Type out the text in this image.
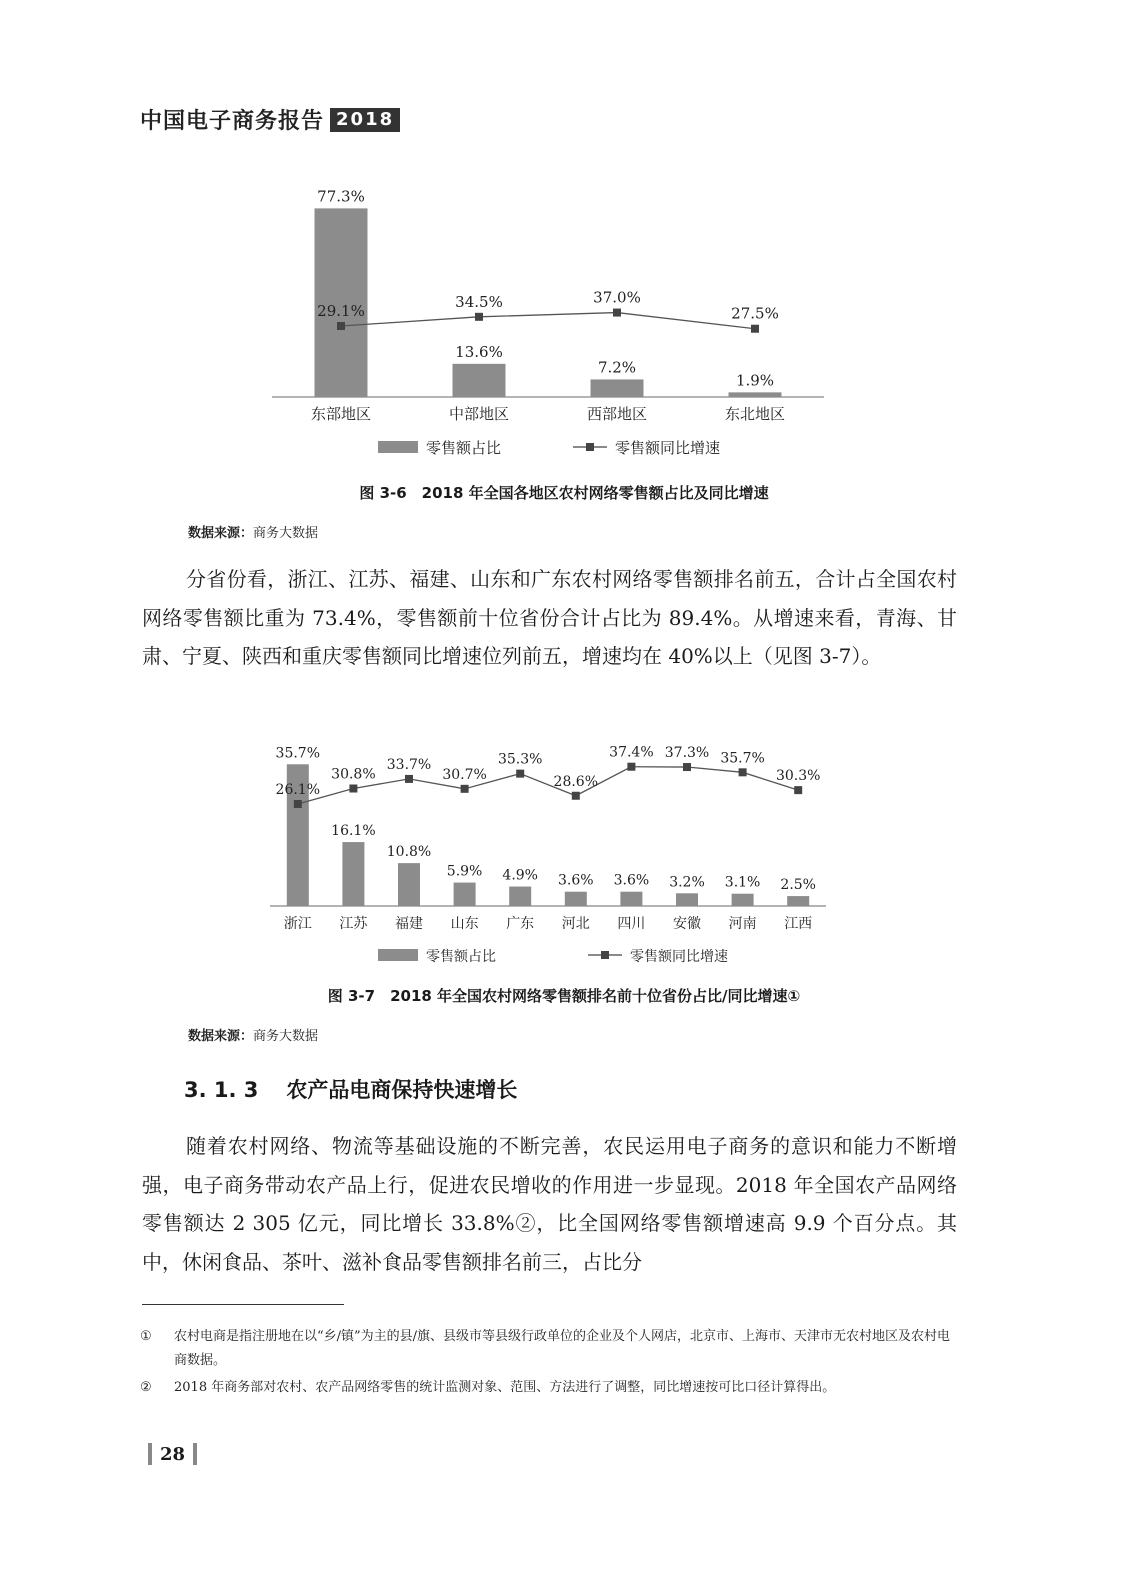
中国电子商务报告 2018
77.3%
13.6%
7.2%
1.9%
29.1%
34.5%	37.0%
27.5%
东部地区	中部地区	西部地区	东北地区
零售额占比	零售额同比增速
图 3-6　2018 年全国各地区农村网络零售额占比及同比增速
数据来源：商务大数据
分省份看，浙江、江苏、福建、山东和广东农村网络零售额排名前五，合计占全国农村网络零售额比重为 73.4%，零售额前十位省份合计占比为 89.4%。从增速来看，青海、甘肃、宁夏、陕西和重庆零售额同比增速位列前五，增速均在 40%以上（见图 3-7）。
35.7%
16.1%
10.8%
5.9% 4.9% 3.6% 3.6% 3.2% 3.1% 2.5%
26.1%
30.8%
33.7%
30.7%
35.3%
28.6%
37.4% 37.3% 35.7%
30.3%
浙江 江苏 福建 山东 广东 河北 四川 安徽 河南 江西
零售额占比	零售额同比增速
图 3-7　2018 年全国农村网络零售额排名前十位省份占比/同比增速①
数据来源：商务大数据
3. 1. 3 农产品电商保持快速增长
随着农村网络、物流等基础设施的不断完善，农民运用电子商务的意识和能力不断增强，电子商务带动农产品上行，促进农民增收的作用进一步显现。2018 年全国农产品网络零售额达 2 305 亿元，同比增长 33.8%②，比全国网络零售额增速高 9.9 个百分点。其中，休闲食品、茶叶、滋补食品零售额排名前三，占比分
① 农村电商是指注册地在以“乡/镇”为主的县/旗、县级市等县级行政单位的企业及个人网店，北京市、上海市、天津市无农村地区及农村电商数据。
② 2018 年商务部对农村、农产品网络零售的统计监测对象、范围、方法进行了调整，同比增速按可比口径计算得出。
28
